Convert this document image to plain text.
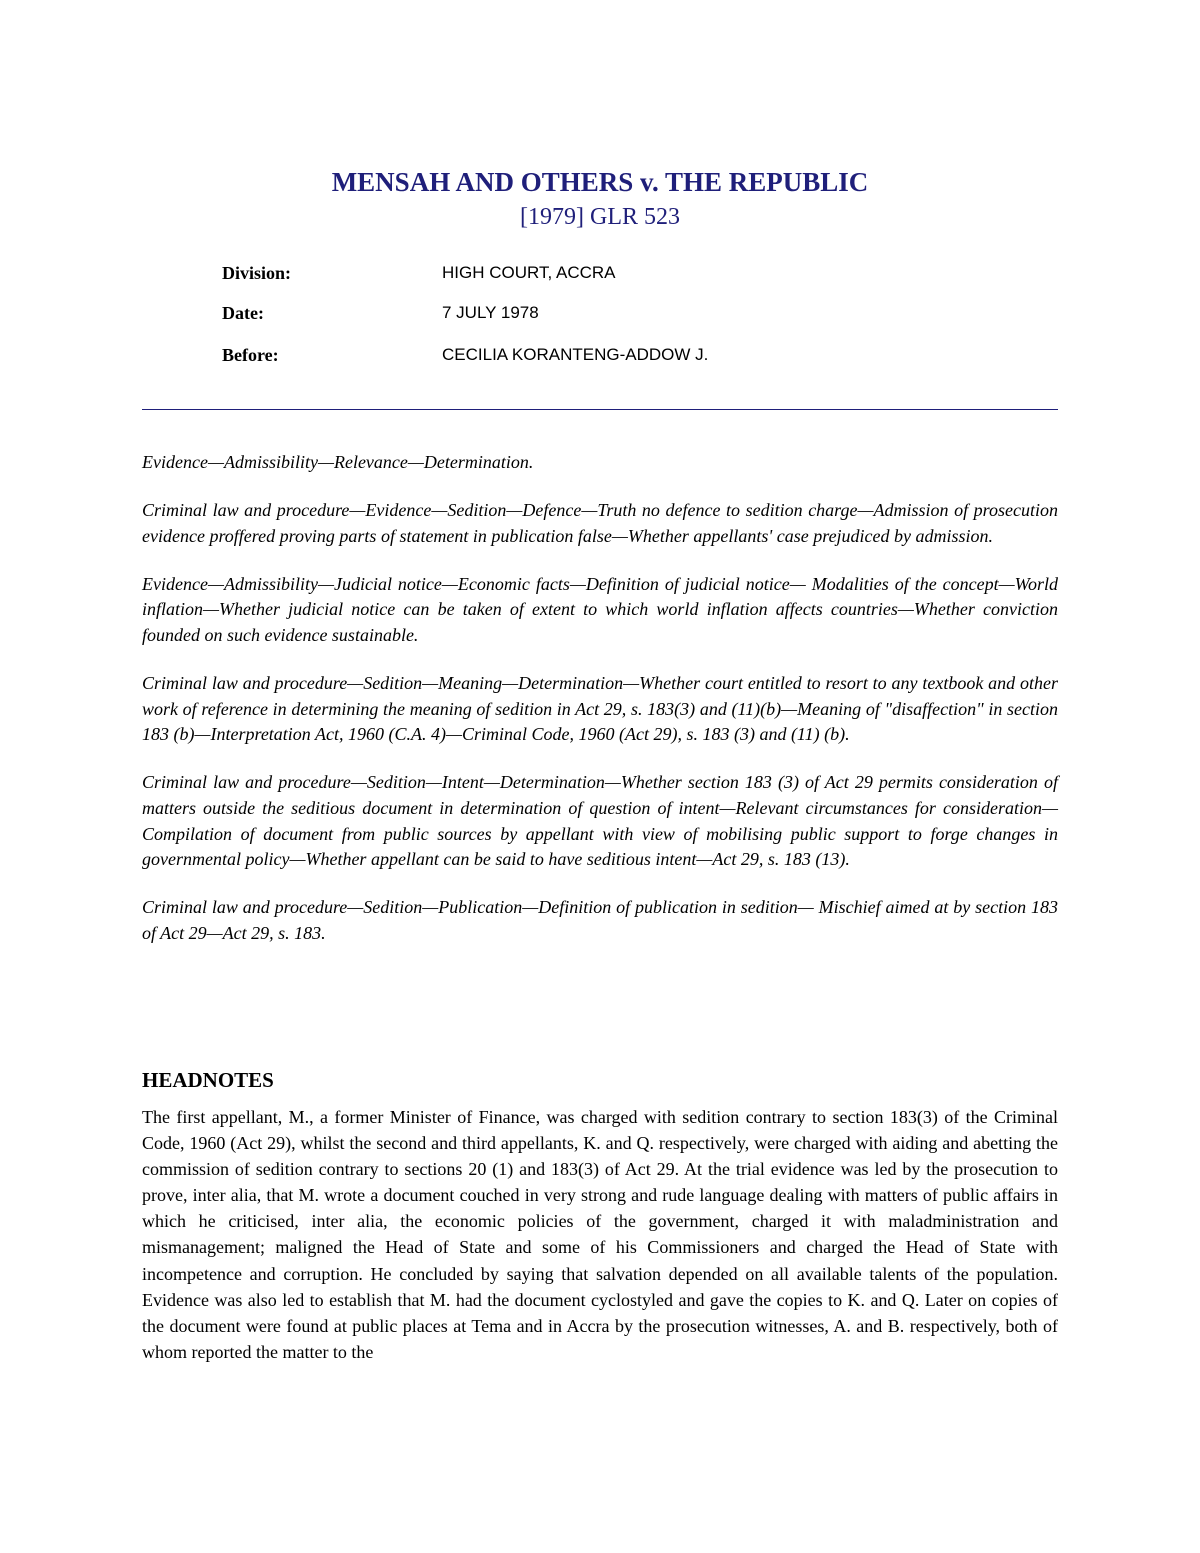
MENSAH AND OTHERS v. THE REPUBLIC
[1979] GLR 523
Division:	HIGH COURT, ACCRA
Date:	7 JULY 1978
Before:	CECILIA KORANTENG-ADDOW J.

Evidence—Admissibility—Relevance—Determination.

Criminal law and procedure—Evidence—Sedition—Defence—Truth no defence to sedition charge—Admission of prosecution evidence proffered proving parts of statement in publication false—Whether appellants' case prejudiced by admission.

Evidence—Admissibility—Judicial notice—Economic facts—Definition of judicial notice— Modalities of the concept—World inflation—Whether judicial notice can be taken of extent to which world inflation affects countries—Whether conviction founded on such evidence sustainable.

Criminal law and procedure—Sedition—Meaning—Determination—Whether court entitled to resort to any textbook and other work of reference in determining the meaning of sedition in Act 29, s. 183(3) and (11)(b)—Meaning of "disaffection" in section 183 (b)—Interpretation Act, 1960 (C.A. 4)—Criminal Code, 1960 (Act 29), s. 183 (3) and (11) (b).

Criminal law and procedure—Sedition—Intent—Determination—Whether section 183 (3) of Act 29 permits consideration of matters outside the seditious document in determination of question of intent—Relevant circumstances for consideration—Compilation of document from public sources by appellant with view of mobilising public support to forge changes in governmental policy—Whether appellant can be said to have seditious intent—Act 29, s. 183 (13).

Criminal law and procedure—Sedition—Publication—Definition of publication in sedition— Mischief aimed at by section 183 of Act 29—Act 29, s. 183.

HEADNOTES

The first appellant, M., a former Minister of Finance, was charged with sedition contrary to section 183(3) of the Criminal Code, 1960 (Act 29), whilst the second and third appellants, K. and Q. respectively, were charged with aiding and abetting the commission of sedition contrary to sections 20 (1) and 183(3) of Act 29. At the trial evidence was led by the prosecution to prove, inter alia, that M. wrote a document couched in very strong and rude language dealing with matters of public affairs in which he criticised, inter alia, the economic policies of the government, charged it with maladministration and mismanagement; maligned the Head of State and some of his Commissioners and charged the Head of State with incompetence and corruption. He concluded by saying that salvation depended on all available talents of the population. Evidence was also led to establish that M. had the document cyclostyled and gave the copies to K. and Q. Later on copies of the document were found at public places at Tema and in Accra by the prosecution witnesses, A. and B. respectively, both of whom reported the matter to the
